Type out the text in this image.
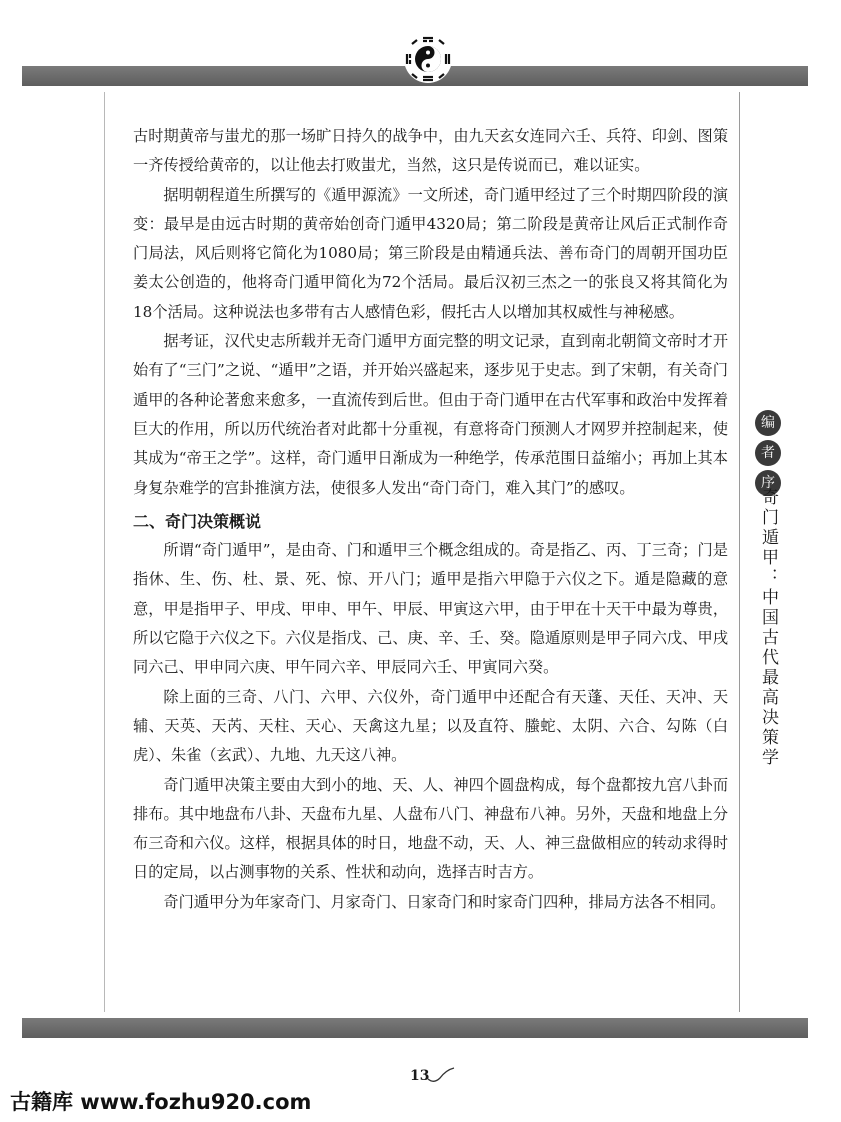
古时期黄帝与蚩尤的那一场旷日持久的战争中，由九天玄女连同六壬、兵符、印剑、图策一齐传授给黄帝的，以让他去打败蚩尤，当然，这只是传说而已，难以证实。

据明朝程道生所撰写的《遁甲源流》一文所述，奇门遁甲经过了三个时期四阶段的演变：最早是由远古时期的黄帝始创奇门遁甲4320局；第二阶段是黄帝让风后正式制作奇门局法，风后则将它简化为1080局；第三阶段是由精通兵法、善布奇门的周朝开国功臣姜太公创造的，他将奇门遁甲简化为72个活局。最后汉初三杰之一的张良又将其简化为18个活局。这种说法也多带有古人感情色彩，假托古人以增加其权威性与神秘感。

据考证，汉代史志所载并无奇门遁甲方面完整的明文记录，直到南北朝简文帝时才开始有了“三门”之说、“遁甲”之语，并开始兴盛起来，逐步见于史志。到了宋朝，有关奇门遁甲的各种论著愈来愈多，一直流传到后世。但由于奇门遁甲在古代军事和政治中发挥着巨大的作用，所以历代统治者对此都十分重视，有意将奇门预测人才网罗并控制起来，使其成为“帝王之学”。这样，奇门遁甲日渐成为一种绝学，传承范围日益缩小；再加上其本身复杂难学的宫卦推演方法，使很多人发出“奇门奇门，难入其门”的感叹。

二、奇门决策概说

所谓“奇门遁甲”，是由奇、门和遁甲三个概念组成的。奇是指乙、丙、丁三奇；门是指休、生、伤、杜、景、死、惊、开八门；遁甲是指六甲隐于六仪之下。遁是隐藏的意意，甲是指甲子、甲戌、甲申、甲午、甲辰、甲寅这六甲，由于甲在十天干中最为尊贵，所以它隐于六仪之下。六仪是指戊、己、庚、辛、壬、癸。隐遁原则是甲子同六戊、甲戌同六己、甲申同六庚、甲午同六辛、甲辰同六壬、甲寅同六癸。

除上面的三奇、八门、六甲、六仪外，奇门遁甲中还配合有天蓬、天任、天冲、天辅、天英、天芮、天柱、天心、天禽这九星；以及直符、螣蛇、太阴、六合、勾陈（白虎）、朱雀（玄武）、九地、九天这八神。

奇门遁甲决策主要由大到小的地、天、人、神四个圆盘构成，每个盘都按九宫八卦而排布。其中地盘布八卦、天盘布九星、人盘布八门、神盘布八神。另外，天盘和地盘上分布三奇和六仪。这样，根据具体的时日，地盘不动，天、人、神三盘做相应的转动求得时日的定局，以占测事物的关系、性状和动向，选择吉时吉方。

奇门遁甲分为年家奇门、月家奇门、日家奇门和时家奇门四种，排局方法各不相同。

编
者
序
奇门遁甲：中国古代最高决策学
13
古籍库 www.fozhu920.com
